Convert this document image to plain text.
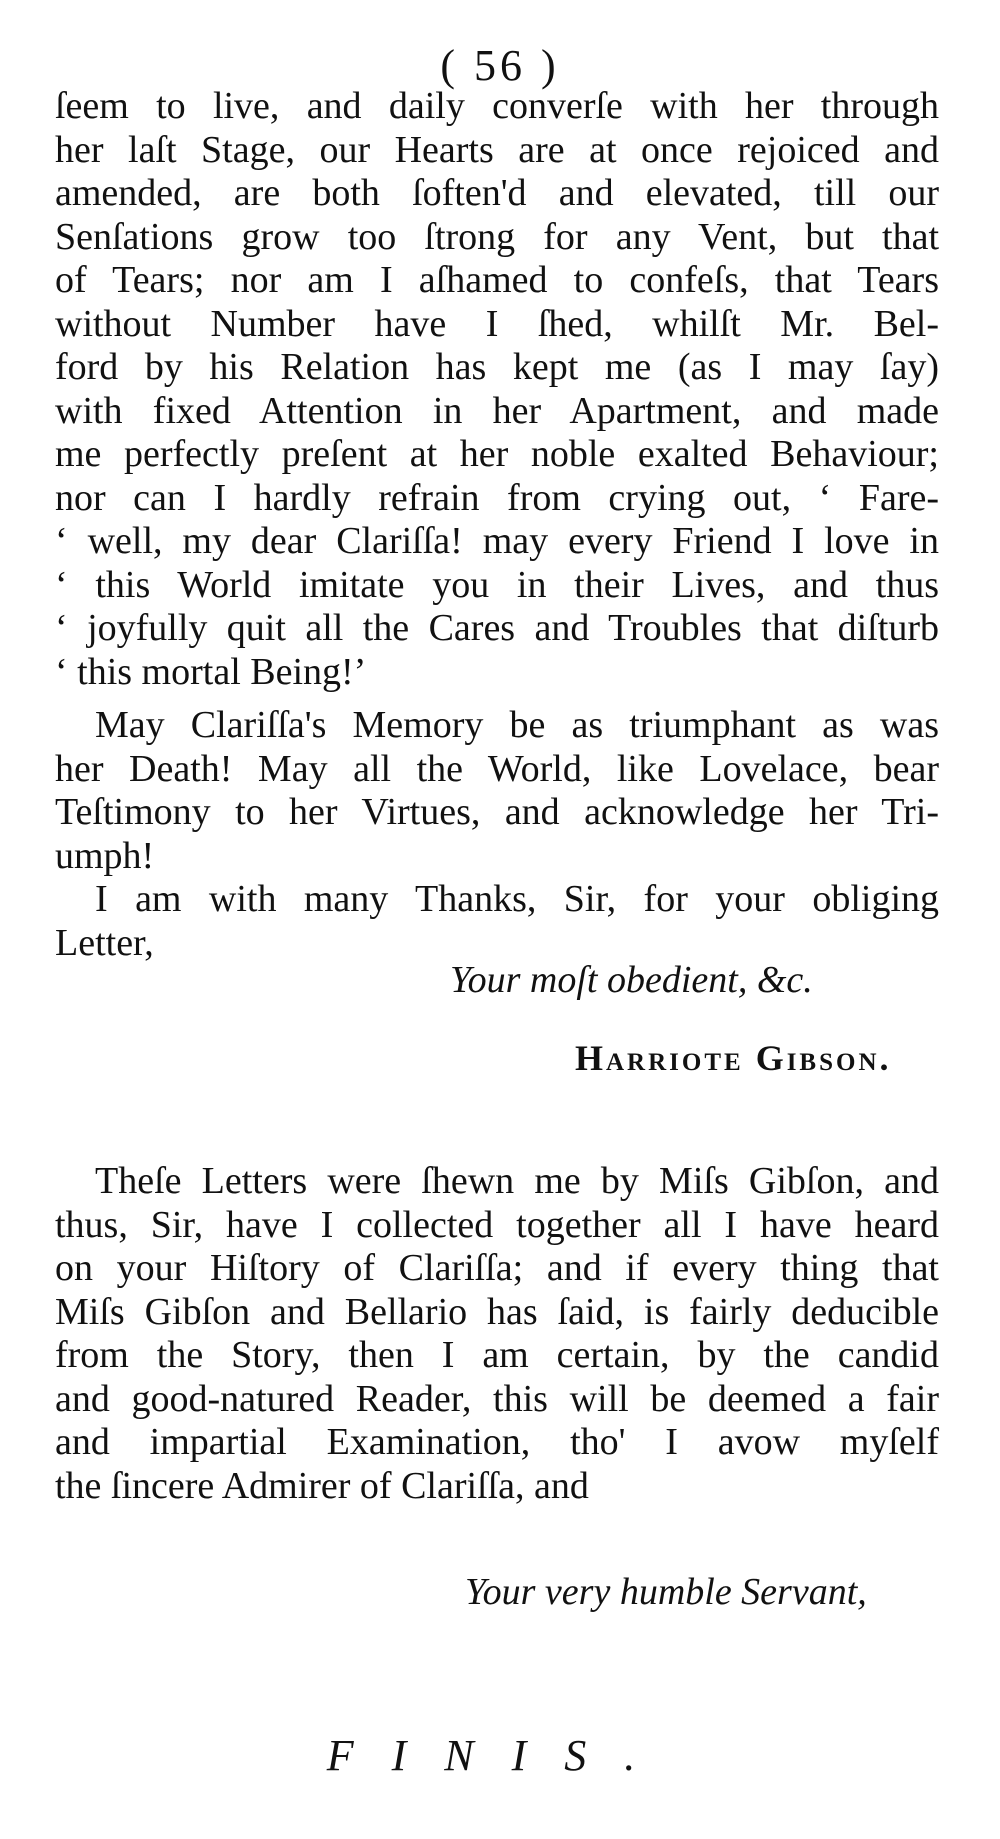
( 56 )
ſeem to live, and daily converſe with her through
her laſt Stage, our Hearts are at once rejoiced and
amended, are both ſoften'd and elevated, till our
Senſations grow too ſtrong for any Vent, but that
of Tears; nor am I aſhamed to confeſs, that Tears
without Number have I ſhed, whilſt Mr. Bel-
ford by his Relation has kept me (as I may ſay)
with fixed Attention in her Apartment, and made
me perfectly preſent at her noble exalted Behaviour;
nor can I hardly refrain from crying out, ‘ Fare-
‘ well, my dear Clariſſa! may every Friend I love in
‘ this World imitate you in their Lives, and thus
‘ joyfully quit all the Cares and Troubles that diſturb
‘ this mortal Being!’
May Clariſſa's Memory be as triumphant as was
her Death! May all the World, like Lovelace, bear
Teſtimony to her Virtues, and acknowledge her Tri-
umph!
I am with many Thanks, Sir, for your obliging
Letter,
Your moſt obedient, &c.
Harriote Gibson.
Theſe Letters were ſhewn me by Miſs Gibſon, and
thus, Sir, have I collected together all I have heard
on your Hiſtory of Clariſſa; and if every thing that
Miſs Gibſon and Bellario has ſaid, is fairly deducible
from the Story, then I am certain, by the candid
and good-natured Reader, this will be deemed a fair
and impartial Examination, tho' I avow myſelf
the ſincere Admirer of Clariſſa, and
Your very humble Servant,
FINIS.
